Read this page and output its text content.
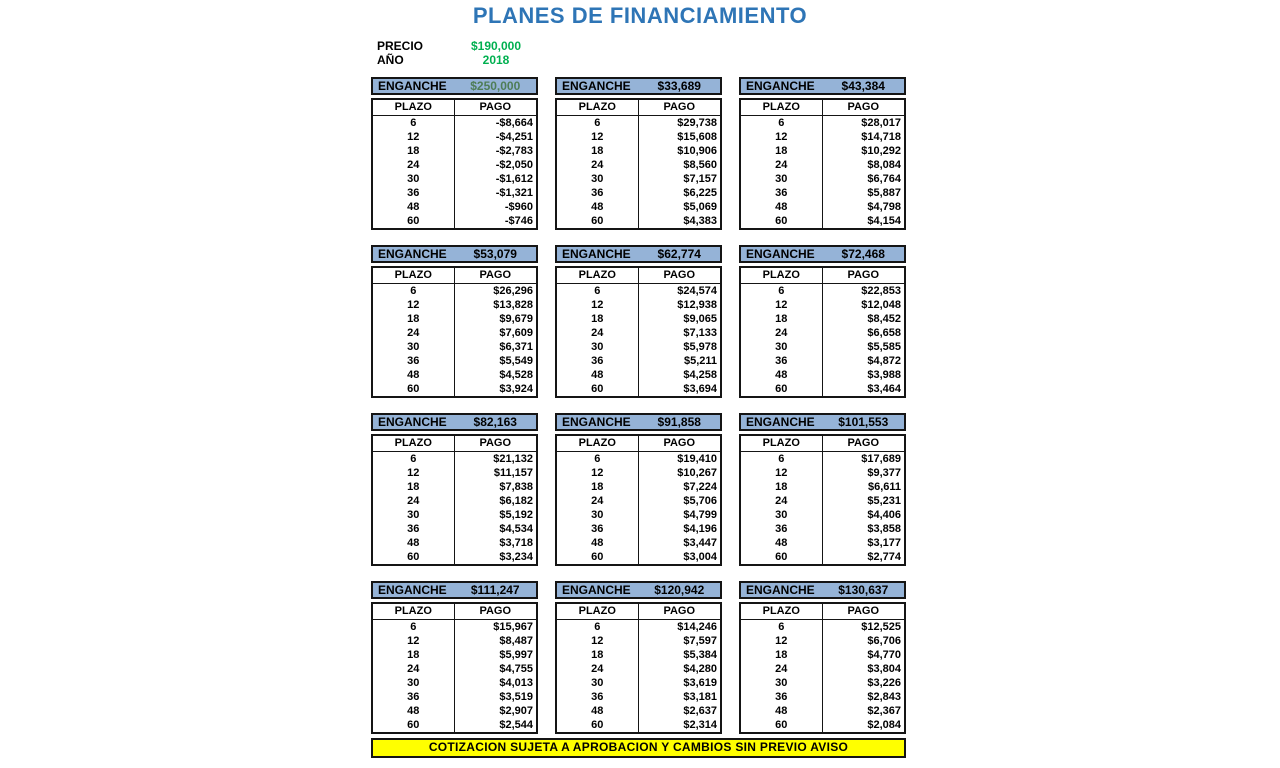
PLANES DE FINANCIAMIENTO
PRECIO	$190,000
AÑO	2018
ENGANCHE	$250,000
PLAZO	PAGO
6	-$8,664
12	-$4,251
18	-$2,783
24	-$2,050
30	-$1,612
36	-$1,321
48	-$960
60	-$746
ENGANCHE	$33,689
PLAZO	PAGO
6	$29,738
12	$15,608
18	$10,906
24	$8,560
30	$7,157
36	$6,225
48	$5,069
60	$4,383
ENGANCHE	$43,384
PLAZO	PAGO
6	$28,017
12	$14,718
18	$10,292
24	$8,084
30	$6,764
36	$5,887
48	$4,798
60	$4,154
ENGANCHE	$53,079
PLAZO	PAGO
6	$26,296
12	$13,828
18	$9,679
24	$7,609
30	$6,371
36	$5,549
48	$4,528
60	$3,924
ENGANCHE	$62,774
PLAZO	PAGO
6	$24,574
12	$12,938
18	$9,065
24	$7,133
30	$5,978
36	$5,211
48	$4,258
60	$3,694
ENGANCHE	$72,468
PLAZO	PAGO
6	$22,853
12	$12,048
18	$8,452
24	$6,658
30	$5,585
36	$4,872
48	$3,988
60	$3,464
ENGANCHE	$82,163
PLAZO	PAGO
6	$21,132
12	$11,157
18	$7,838
24	$6,182
30	$5,192
36	$4,534
48	$3,718
60	$3,234
ENGANCHE	$91,858
PLAZO	PAGO
6	$19,410
12	$10,267
18	$7,224
24	$5,706
30	$4,799
36	$4,196
48	$3,447
60	$3,004
ENGANCHE	$101,553
PLAZO	PAGO
6	$17,689
12	$9,377
18	$6,611
24	$5,231
30	$4,406
36	$3,858
48	$3,177
60	$2,774
ENGANCHE	$111,247
PLAZO	PAGO
6	$15,967
12	$8,487
18	$5,997
24	$4,755
30	$4,013
36	$3,519
48	$2,907
60	$2,544
ENGANCHE	$120,942
PLAZO	PAGO
6	$14,246
12	$7,597
18	$5,384
24	$4,280
30	$3,619
36	$3,181
48	$2,637
60	$2,314
ENGANCHE	$130,637
PLAZO	PAGO
6	$12,525
12	$6,706
18	$4,770
24	$3,804
30	$3,226
36	$2,843
48	$2,367
60	$2,084
COTIZACION SUJETA A APROBACION Y CAMBIOS SIN PREVIO AVISO
